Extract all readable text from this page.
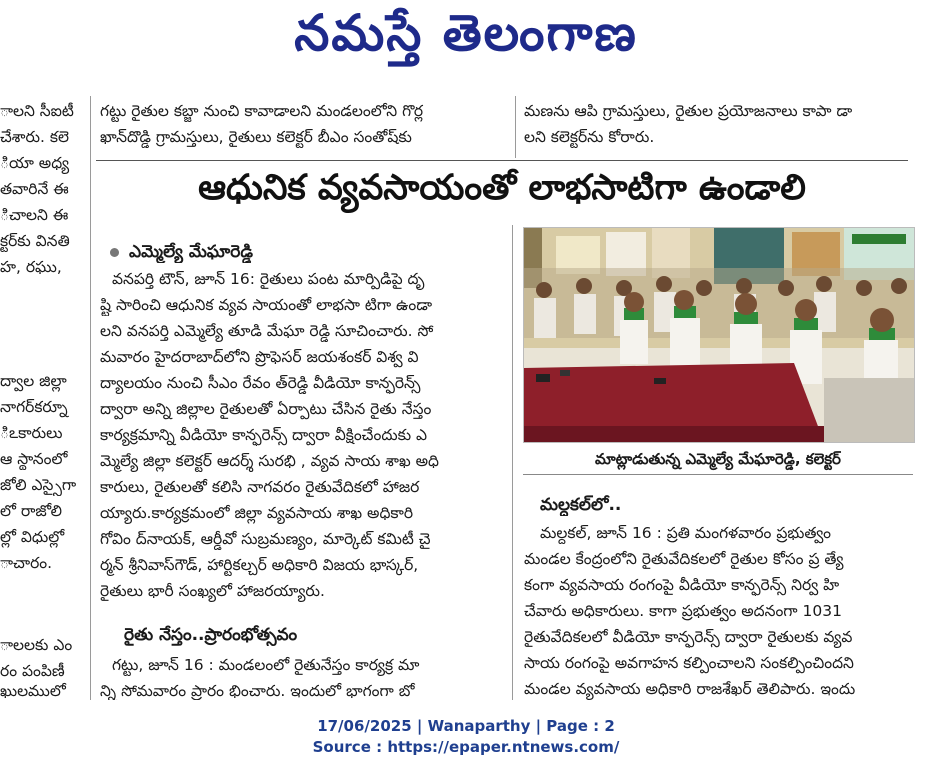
నమస్తే తెలంగాణ
ాలని సీఐటీ
చేశారు. కలె
ియా అధ్య
తవారినే ఈ
ిచాలని ఈ
క్టర్‌కు వినతి
హ, రఘు,
ద్వాల జిల్లా
నాగర్‌కర్నూ
ిఽకారులు
ఆ స్థానంలో
జోలి ఎస్సైగా
లో రాజోలి
ల్లో విధుల్లో
ాచారం.
ాలలకు ఎం
రం పంపిణీ
ఖులములో
గట్టు రైతుల కబ్జా నుంచి కావాడాలని మండలంలోని గొర్ల
ఖాన్‌దొడ్డి గ్రామస్తులు, రైతులు కలెక్టర్ బీఎం సంతోష్‌కు
మణను ఆపి గ్రామస్తులు, రైతుల ప్రయోజనాలు కాపా డా
లని కలెక్టర్‌ను కోరారు.
ఆధునిక వ్యవసాయంతో లాభసాటిగా ఉండాలి
ఎమ్మెల్యే మేఘారెడ్డి
వనపర్తి టౌన్, జూన్ 16: రైతులు పంట మార్పిడిపై దృ
ష్టి సారించి ఆధునిక వ్యవ సాయంతో లాభసా టిగా ఉండా
లని వనపర్తి ఎమ్మెల్యే తూడి మేఘా రెడ్డి సూచించారు. సో
మవారం హైదరాబాద్‌లోని ప్రొఫెసర్ జయశంకర్ విశ్వ వి
ద్యాలయం నుంచి సీఎం రేవం త్‌రెడ్డి వీడియో కాన్ఫరెన్స్
ద్వారా అన్ని జిల్లాల రైతులతో ఏర్పాటు చేసిన రైతు నేస్తం
కార్యక్రమాన్ని వీడియో కాన్ఫరెన్స్ ద్వారా వీక్షించేందుకు ఎ
మ్మెల్యే జిల్లా కలెక్టర్ ఆదర్శ్ సురభి , వ్యవ సాయ శాఖ అధి
కారులు, రైతులతో కలిసి నాగవరం రైతువేదికలో హాజర
య్యారు.కార్యక్రమంలో జిల్లా వ్యవసాయ శాఖ అధికారి
గోవిం ద్‌నాయక్, ఆర్డీవో సుబ్రమణ్యం, మార్కెట్ కమిటీ చై
ర్మన్ శ్రీనివాస్‌గౌడ్, హార్టికల్చర్ అధికారి విజయ భాస్కర్,
రైతులు భారీ సంఖ్యలో హాజరయ్యారు.
రైతు నేస్తం..ప్రారంభోత్సవం
గట్టు, జూన్ 16 : మండలంలో రైతునేస్తం కార్యక్ర మా
న్ని సోమవారం ప్రారం భించారు. ఇందులో భాగంగా బో
మాట్లాడుతున్న ఎమ్మెల్యే మేఘారెడ్డి, కలెక్టర్
మల్దకల్‌లో..
మల్దకల్, జూన్ 16 : ప్రతి మంగళవారం ప్రభుత్వం
మండల కేంద్రంలోని రైతువేదికలలో రైతుల కోసం ప్ర త్యే
కంగా వ్యవసాయ రంగంపై వీడియో కాన్ఫరెన్స్ నిర్వ హి
చేవారు అధికారులు. కాగా ప్రభుత్వం అదనంగా 1031
రైతువేదికలలో వీడియో కాన్ఫరెన్స్ ద్వారా రైతులకు వ్యవ
సాయ రంగంపై అవగాహన కల్పించాలని సంకల్పించిందని
మండల వ్యవసాయ అధికారి రాజశేఖర్ తెలిపారు. ఇందు
17/06/2025 | Wanaparthy | Page : 2
Source : https://epaper.ntnews.com/
